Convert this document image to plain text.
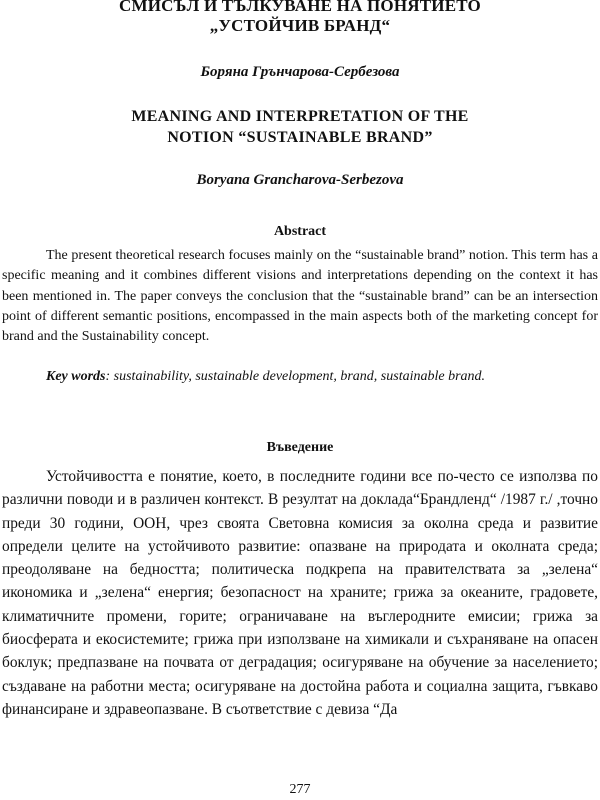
СМИСЪЛ И ТЪЛКУВАНЕ НА ПОНЯТИЕТО
„УСТОЙЧИВ БРАНД“
Боряна Грънчарова-Сербезова
MEANING AND INTERPRETATION OF THE
NOTION “SUSTAINABLE BRAND”
Boryana Grancharova-Serbezova
Abstract

The present theoretical research focuses mainly on the “sustainable brand” notion. This term has a specific meaning and it combines different visions and interpretations depending on the context it has been mentioned in. The paper conveys the conclusion that the “sustainable brand” can be an intersection point of different semantic positions, encompassed in the main aspects both of the marketing concept for brand and the Sustainability concept.

Key words: sustainability, sustainable development, brand, sustainable brand.

Въведение

Устойчивостта е понятие, което, в последните години все по-често се използва по различни поводи и в различен контекст. В резултат на доклада“Брандленд“ /1987 г./ ,точно преди 30 години, ООН, чрез своята Световна комисия за околна среда и развитие определи целите на устойчивото развитие: опазване на природата и околната среда; преодоляване на бедността; политическа подкрепа на правителствата за „зелена“ икономика и „зелена“ енергия; безопасност на храните; грижа за океаните, градовете, климатичните промени, горите; ограничаване на въглеродните емисии; грижа за биосферата и екосистемите; грижа при използване на химикали и съхраняване на опасен боклук; предпазване на почвата от деградация; осигуряване на обучение за населението; създаване на работни места; осигуряване на достойна работа и социална защита, гъвкаво финансиране и здравеопазване. В съответствие с девиза “Да

277
